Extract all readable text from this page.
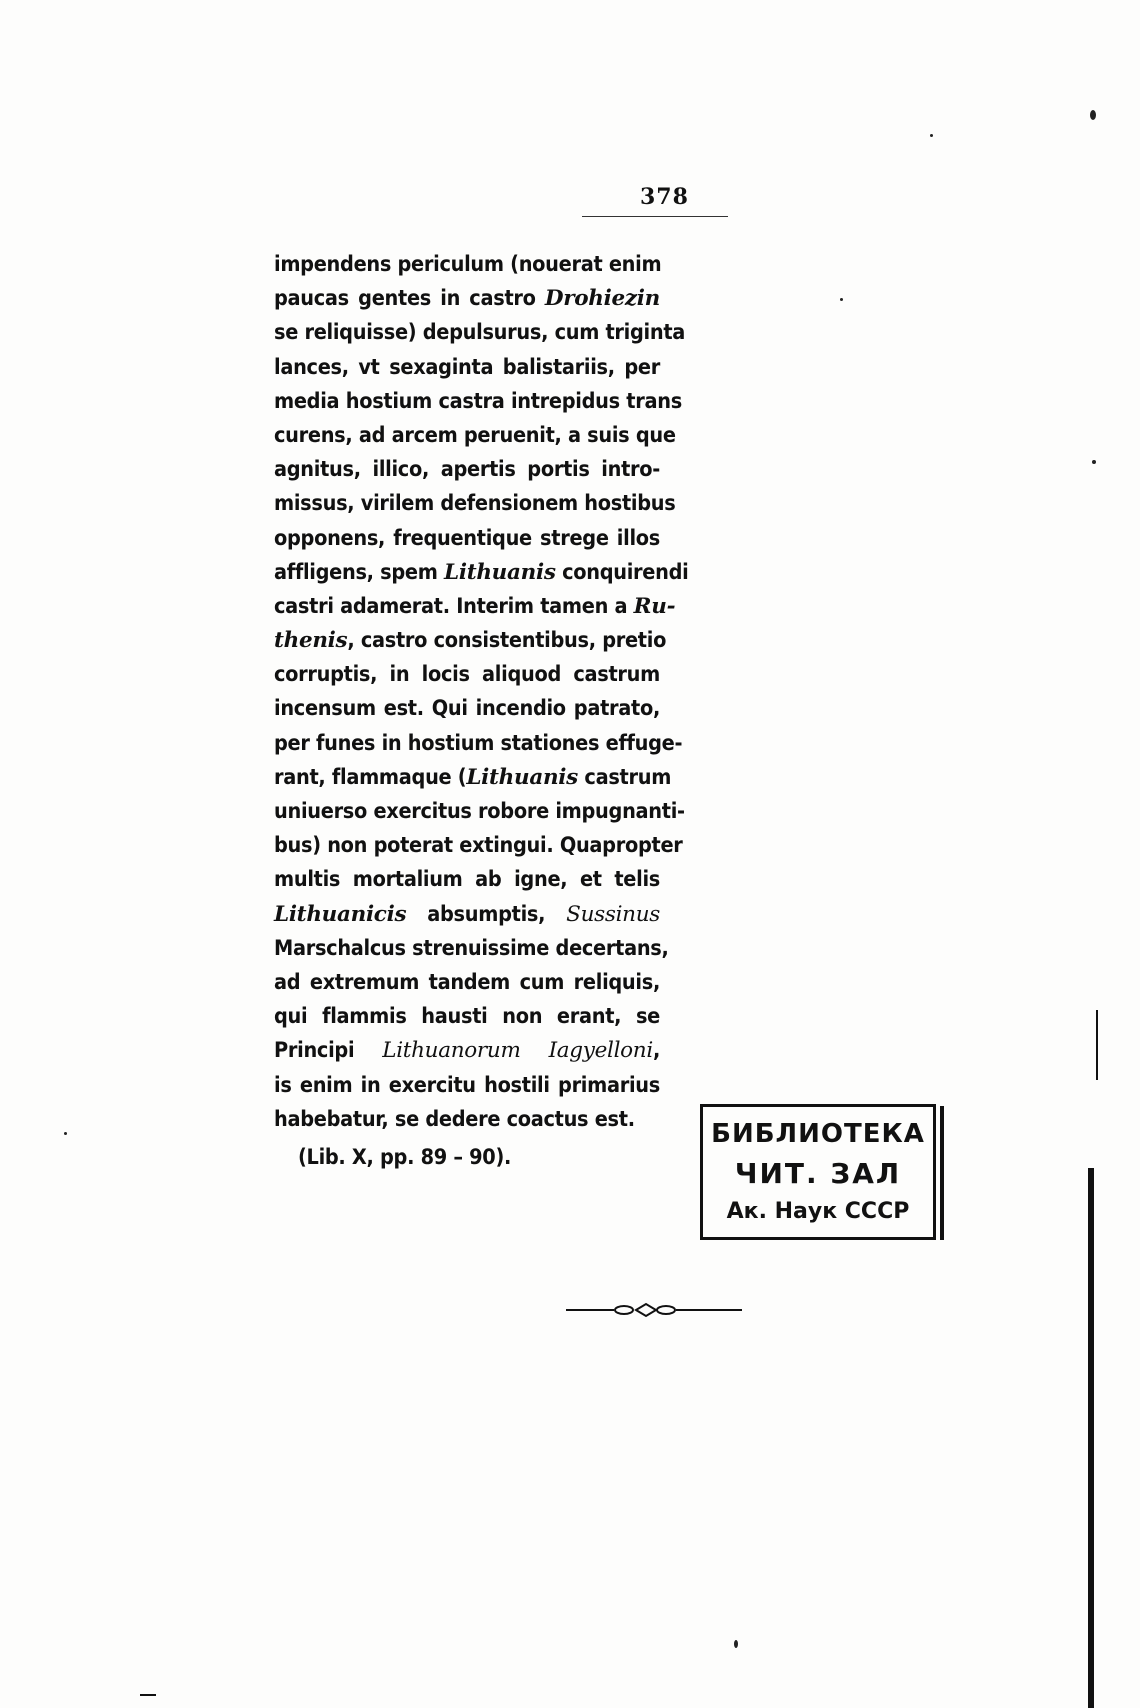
378
impendens periculum (nouerat enim
paucas gentes in castro Drohiezin
se reliquisse) depulsurus, cum triginta
lances, vt sexaginta balistariis, per
media hostium castra intrepidus trans
curens, ad arcem peruenit, a suis que
agnitus, illico, apertis portis intro-
missus, virilem defensionem hostibus
opponens, frequentique strege illos
affligens, spem Lithuanis conquirendi
castri adamerat. Interim tamen a Ru-
thenis, castro consistentibus, pretio
corruptis, in locis aliquod castrum
incensum est. Qui incendio patrato,
per funes in hostium stationes effuge-
rant, flammaque (Lithuanis castrum
uniuerso exercitus robore impugnanti-
bus) non poterat extingui. Quapropter
multis mortalium ab igne, et telis
Lithuanicis absumptis, Sussinus
Marschalcus strenuissime decertans,
ad extremum tandem cum reliquis,
qui flammis hausti non erant, se
Principi Lithuanorum Iagyelloni,
is enim in exercitu hostili primarius
habebatur, se dedere coactus est.
(Lib. X, pp. 89 – 90).
БИБЛИОТЕКА
ЧИТ. ЗАЛ
Ак. Наук СССР
